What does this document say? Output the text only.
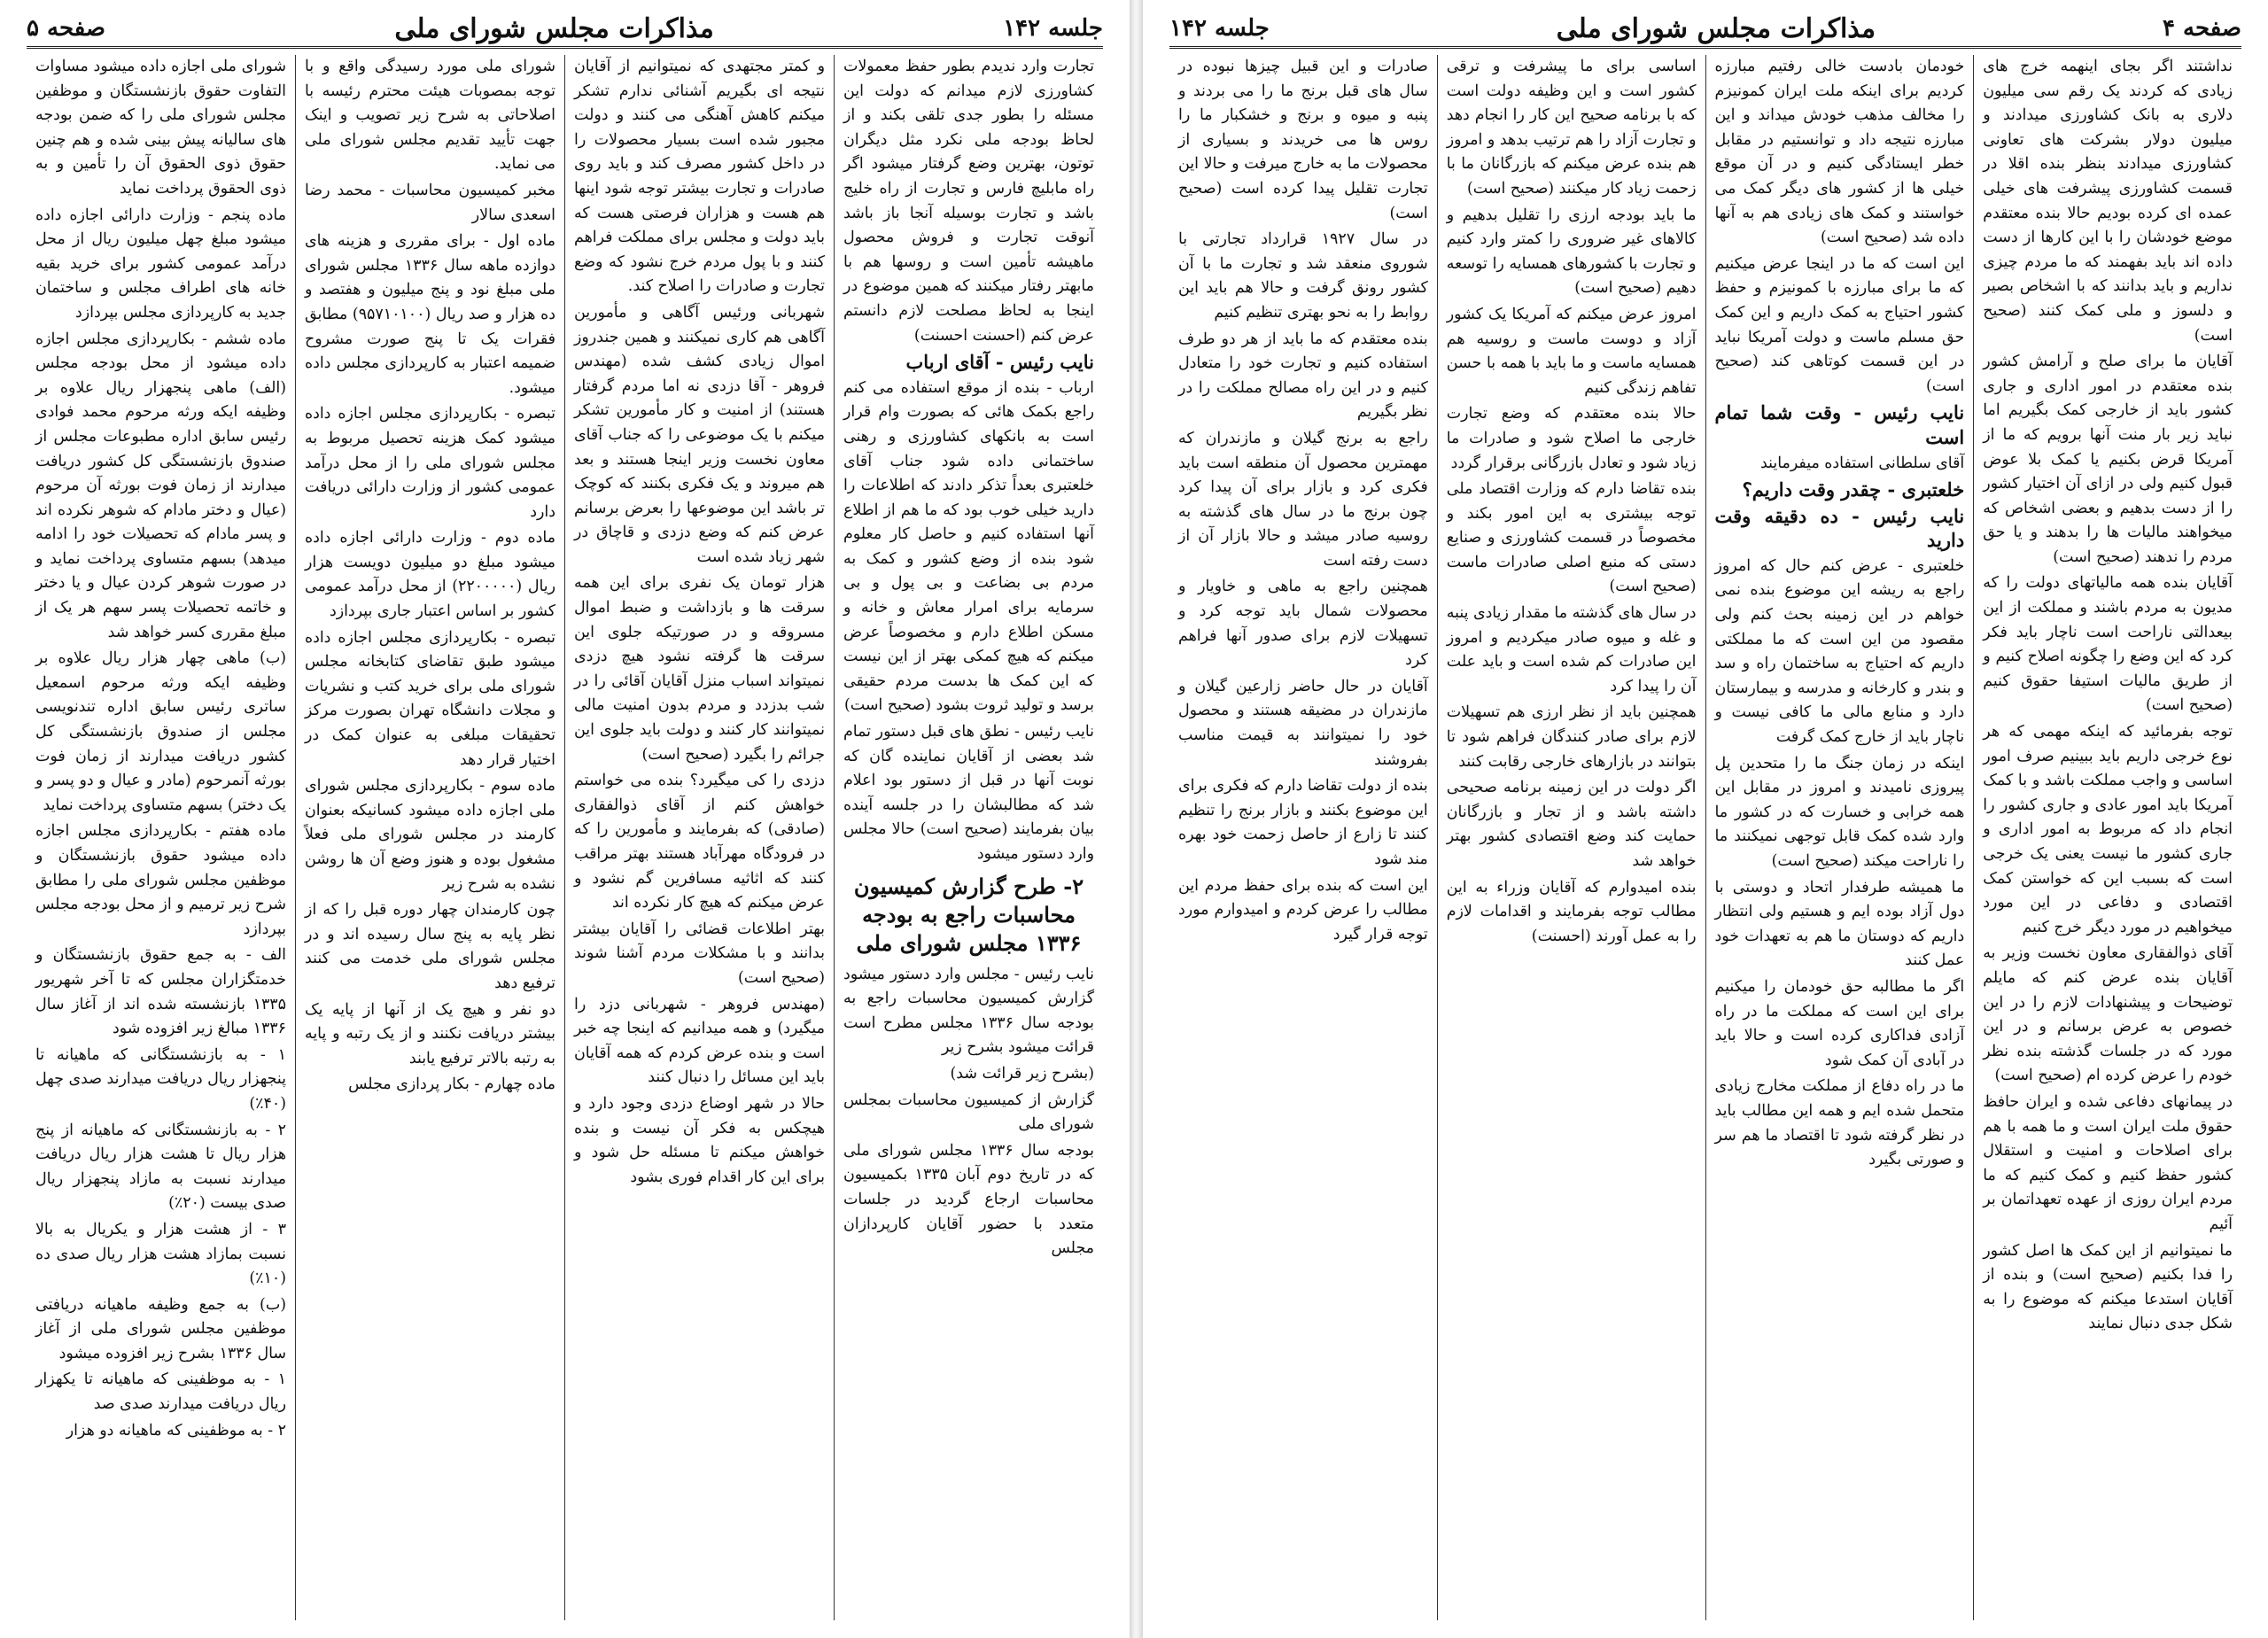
جلسه ۱۴۲
مذاکرات مجلس شورای ملی
صفحه ۵

تجارت وارد ندیدم بطور حفظ معمولات کشاورزی لازم میدانم که دولت این مسئله را بطور جدی تلقی بکند و از لحاظ بودجه ملی نکرد مثل دیگران توتون، بهترین وضع گرفتار میشود اگر راه مابلیچ فارس و تجارت از راه خلیج باشد و تجارت بوسیله آنجا باز باشد آنوقت تجارت و فروش محصول ماهیشه تأمین است و روسها هم با مابهتر رفتار میکنند که همین موضوع در اینجا به لحاظ مصلحت لازم دانستم عرض کنم (احسنت احسنت)

نایب رئیس - آقای ارباب

ارباب - بنده از موقع استفاده می کنم راجع بکمک هائی که بصورت وام قرار است به بانکهای کشاورزی و رهنی ساختمانی داده شود جناب آقای خلعتبری بعداً تذکر دادند که اطلاعات را دارید خیلی خوب بود که ما هم از اطلاع آنها استفاده کنیم و حاصل کار معلوم شود بنده از وضع کشور و کمک به مردم بی بضاعت و بی پول و بی سرمایه برای امرار معاش و خانه و مسکن اطلاع دارم و مخصوصاً عرض میکنم که هیچ کمکی بهتر از این نیست که این کمک ها بدست مردم حقیقی برسد و تولید ثروت بشود (صحیح است)

نایب رئیس - نطق های قبل دستور تمام شد بعضی از آقایان نماینده گان که نوبت آنها در قبل از دستور بود اعلام شد که مطالبشان را در جلسه آینده بیان بفرمایند (صحیح است) حالا مجلس وارد دستور میشود

۲- طرح گزارش کمیسیون محاسبات راجع به بودجه ۱۳۳۶ مجلس شورای ملی

نایب رئیس - مجلس وارد دستور میشود گزارش کمیسیون محاسبات راجع به بودجه سال ۱۳۳۶ مجلس مطرح است قرائت میشود بشرح زیر

(بشرح زیر قرائت شد)

گزارش از کمیسیون محاسبات بمجلس شورای ملی

بودجه سال ۱۳۳۶ مجلس شورای ملی که در تاریخ دوم آبان ۱۳۳۵ بکمیسیون محاسبات ارجاع گردید در جلسات متعدد با حضور آقایان کارپردازان مجلس

و کمتر مجتهدی که نمیتوانیم از آقایان نتیجه ای بگیریم آشنائی ندارم تشکر میکنم کاهش آهنگی می کنند و دولت مجبور شده است بسیار محصولات را در داخل کشور مصرف کند و باید روی صادرات و تجارت بیشتر توجه شود اینها هم هست و هزاران فرصتی هست که باید دولت و مجلس برای مملکت فراهم کنند و با پول مردم خرج نشود که وضع تجارت و صادرات را اصلاح کند.

شهربانی ورئیس آگاهی و مأمورین آگاهی هم کاری نمیکنند و همین جندروز اموال زیادی کشف شده (مهندس فروهر - آقا دزدی نه اما مردم گرفتار هستند) از امنیت و کار مأمورین تشکر میکنم با یک موضوعی را که جناب آقای معاون نخست وزیر اینجا هستند و بعد هم میروند و یک فکری بکنند که کوچک تر باشد این موضوعها را بعرض برسانم عرض کنم که وضع دزدی و قاچاق در شهر زیاد شده است

هزار تومان یک نفری برای این همه سرقت ها و بازداشت و ضبط اموال مسروقه و در صورتیکه جلوی این سرقت ها گرفته نشود هیچ دزدی نمیتواند اسباب منزل آقایان آقائی را در شب بدزدد و مردم بدون امنیت مالی نمیتوانند کار کنند و دولت باید جلوی این جرائم را بگیرد (صحیح است)

دزدی را کی میگیرد؟ بنده می خواستم خواهش کنم از آقای ذوالفقاری (صادقی) که بفرمایند و مأمورین را که در فرودگاه مهرآباد هستند بهتر مراقب کنند که اثاثیه مسافرین گم نشود و عرض میکنم که هیچ کار نکرده اند

بهتر اطلاعات قضائی را آقایان بیشتر بدانند و با مشکلات مردم آشنا شوند (صحیح است)

(مهندس فروهر - شهربانی دزد را میگیرد) و همه میدانیم که اینجا چه خبر است و بنده عرض کردم که همه آقایان باید این مسائل را دنبال کنند

حالا در شهر اوضاع دزدی وجود دارد و هیچکس به فکر آن نیست و بنده خواهش میکنم تا مسئله حل شود و برای این کار اقدام فوری بشود

شورای ملی مورد رسیدگی واقع و با توجه بمصوبات هیئت محترم رئیسه با اصلاحاتی به شرح زیر تصویب و اینک جهت تأیید تقدیم مجلس شورای ملی می نماید.

مخبر کمیسیون محاسبات - محمد رضا اسعدی سالار

ماده اول - برای مقرری و هزینه های دوازده ماهه سال ۱۳۳۶ مجلس شورای ملی مبلغ نود و پنج میلیون و هفتصد و ده هزار و صد ریال (۹۵۷۱۰۱۰۰) مطابق فقرات یک تا پنج صورت مشروح ضمیمه اعتبار به کارپردازی مجلس داده میشود.

تبصره - بکارپردازی مجلس اجازه داده میشود کمک هزینه تحصیل مربوط به مجلس شورای ملی را از محل درآمد عمومی کشور از وزارت دارائی دریافت دارد

ماده دوم - وزارت دارائی اجازه داده میشود مبلغ دو میلیون دویست هزار ریال (۲۲۰۰۰۰۰) از محل درآمد عمومی کشور بر اساس اعتبار جاری بپردازد

تبصره - بکارپردازی مجلس اجازه داده میشود طبق تقاضای کتابخانه مجلس شورای ملی برای خرید کتب و نشریات و مجلات دانشگاه تهران بصورت مرکز تحقیقات مبلغی به عنوان کمک در اختیار قرار دهد

ماده سوم - بکارپردازی مجلس شورای ملی اجازه داده میشود کسانیکه بعنوان کارمند در مجلس شورای ملی فعلاً مشغول بوده و هنوز وضع آن ها روشن نشده به شرح زیر

چون کارمندان چهار دوره قبل را که از نظر پایه به پنج سال رسیده اند و در مجلس شورای ملی خدمت می کنند ترفیع دهد

دو نفر و هیچ یک از آنها از پایه یک بیشتر دریافت نکنند و از یک رتبه و پایه به رتبه بالاتر ترفیع یابند

ماده چهارم - بکار پردازی مجلس

شورای ملی اجازه داده میشود مساوات التفاوت حقوق بازنشستگان و موظفین مجلس شورای ملی را که ضمن بودجه های سالیانه پیش بینی شده و هم چنین حقوق ذوی الحقوق آن را تأمین و به ذوی الحقوق پرداخت نماید

ماده پنجم - وزارت دارائی اجازه داده میشود مبلغ چهل میلیون ریال از محل درآمد عمومی کشور برای خرید بقیه خانه های اطراف مجلس و ساختمان جدید به کارپردازی مجلس بپردازد

ماده ششم - بکارپردازی مجلس اجازه داده میشود از محل بودجه مجلس (الف) ماهی پنجهزار ریال علاوه بر وظیفه ایکه ورثه مرحوم محمد فوادی رئیس سابق اداره مطبوعات مجلس از صندوق بازنشستگی کل کشور دریافت میدارند از زمان فوت بورثه آن مرحوم (عیال و دختر مادام که شوهر نکرده اند و پسر مادام که تحصیلات خود را ادامه میدهد) بسهم متساوی پرداخت نماید و در صورت شوهر کردن عیال و یا دختر و خاتمه تحصیلات پسر سهم هر یک از مبلغ مقرری کسر خواهد شد

(ب) ماهی چهار هزار ریال علاوه بر وظیفه ایکه ورثه مرحوم اسمعیل ساتری رئیس سابق اداره تندنویسی مجلس از صندوق بازنشستگی کل کشور دریافت میدارند از زمان فوت بورثه آنمرحوم (مادر و عیال و دو پسر و یک دختر) بسهم متساوی پرداخت نماید

ماده هفتم - بکارپردازی مجلس اجازه داده میشود حقوق بازنشستگان و موظفین مجلس شورای ملی را مطابق شرح زیر ترمیم و از محل بودجه مجلس بپردازد

الف - به جمع حقوق بازنشستگان و خدمتگزاران مجلس که تا آخر شهریور ۱۳۳۵ بازنشسته شده اند از آغاز سال ۱۳۳۶ مبالغ زیر افزوده شود

۱ - به بازنشستگانی که ماهیانه تا پنجهزار ریال دریافت میدارند صدی چهل (۴۰٪)

۲ - به بازنشستگانی که ماهیانه از پنج هزار ریال تا هشت هزار ریال دریافت میدارند نسبت به مازاد پنجهزار ریال صدی بیست (۲۰٪)

۳ - از هشت هزار و یکریال به بالا نسبت بمازاد هشت هزار ریال صدی ده (۱۰٪)

(ب) به جمع وظیفه ماهیانه دریافتی موظفین مجلس شورای ملی از آغاز سال ۱۳۳۶ بشرح زیر افزوده میشود

۱ - به موظفینی که ماهیانه تا یکهزار ریال دریافت میدارند صدی صد

۲ - به موظفینی که ماهیانه دو هزار

صفحه ۴
مذاکرات مجلس شورای ملی
جلسه ۱۴۲

نداشتند اگر بجای اینهمه خرج های زیادی که کردند یک رقم سی میلیون دلاری به بانک کشاورزی میدادند و میلیون دولار بشرکت های تعاونی کشاورزی میدادند بنظر بنده اقلا در قسمت کشاورزی پیشرفت های خیلی عمده ای کرده بودیم حالا بنده معتقدم موضع خودشان را با این کارها از دست داده اند باید بفهمند که ما مردم چیزی نداریم و باید بدانند که با اشخاص بصیر و دلسوز و ملی کمک کنند (صحیح است)

آقایان ما برای صلح و آرامش کشور بنده معتقدم در امور اداری و جاری کشور باید از خارجی کمک بگیریم اما نباید زیر بار منت آنها برویم که ما از آمریکا قرض بکنیم یا کمک بلا عوض قبول کنیم ولی در ازای آن اختیار کشور را از دست بدهیم و بعضی اشخاص که میخواهند مالیات ها را بدهند و یا حق مردم را ندهند (صحیح است)

آقایان بنده همه مالیاتهای دولت را که مدیون به مردم باشند و مملکت از این بیعدالتی ناراحت است ناچار باید فکر کرد که این وضع را چگونه اصلاح کنیم و از طریق مالیات استیفا حقوق کنیم (صحیح است)

توجه بفرمائید که اینکه مهمی که هر نوع خرجی داریم باید ببینیم صرف امور اساسی و واجب مملکت باشد و با کمک آمریکا باید امور عادی و جاری کشور را انجام داد که مربوط به امور اداری و جاری کشور ما نیست یعنی یک خرجی است که بسبب این که خواستن کمک اقتصادی و دفاعی در این مورد میخواهیم در مورد دیگر خرج کنیم

آقای ذوالفقاری معاون نخست وزیر به آقایان بنده عرض کنم که مایلم توضیحات و پیشنهادات لازم را در این خصوص به عرض برسانم و در این مورد که در جلسات گذشته بنده نظر خودم را عرض کرده ام (صحیح است)

در پیمانهای دفاعی شده و ایران حافظ حقوق ملت ایران است و ما همه با هم برای اصلاحات و امنیت و استقلال کشور حفظ کنیم و کمک کنیم که ما مردم ایران روزی از عهده تعهداتمان بر آئیم

ما نمیتوانیم از این کمک ها اصل کشور را فدا بکنیم (صحیح است) و بنده از آقایان استدعا میکنم که موضوع را به شکل جدی دنبال نمایند

خودمان بادست خالی رفتیم مبارزه کردیم برای اینکه ملت ایران کمونیزم را مخالف مذهب خودش میداند و این مبارزه نتیجه داد و توانستیم در مقابل خطر ایستادگی کنیم و در آن موقع خیلی ها از کشور های دیگر کمک می خواستند و کمک های زیادی هم به آنها داده شد (صحیح است)

این است که ما در اینجا عرض میکنیم که ما برای مبارزه با کمونیزم و حفظ کشور احتیاج به کمک داریم و این کمک حق مسلم ماست و دولت آمریکا نباید در این قسمت کوتاهی کند (صحیح است)

نایب رئیس - وقت شما تمام است

آقای سلطانی استفاده میفرمایند

خلعتبری - چقدر وقت داریم؟

نایب رئیس - ده دقیقه وقت دارید

خلعتبری - عرض کنم حال که امروز راجع به ریشه این موضوع بنده نمی خواهم در این زمینه بحث کنم ولی مقصود من این است که ما مملکتی داریم که احتیاج به ساختمان راه و سد و بندر و کارخانه و مدرسه و بیمارستان دارد و منابع مالی ما کافی نیست و ناچار باید از خارج کمک گرفت

اینکه در زمان جنگ ما را متحدین پل پیروزی نامیدند و امروز در مقابل این همه خرابی و خسارت که در کشور ما وارد شده کمک قابل توجهی نمیکنند ما را ناراحت میکند (صحیح است)

ما همیشه طرفدار اتحاد و دوستی با دول آزاد بوده ایم و هستیم ولی انتظار داریم که دوستان ما هم به تعهدات خود عمل کنند

اگر ما مطالبه حق خودمان را میکنیم برای این است که مملکت ما در راه آزادی فداکاری کرده است و حالا باید در آبادی آن کمک شود

ما در راه دفاع از مملکت مخارج زیادی متحمل شده ایم و همه این مطالب باید در نظر گرفته شود تا اقتصاد ما هم سر و صورتی بگیرد

اساسی برای ما پیشرفت و ترقی کشور است و این وظیفه دولت است که با برنامه صحیح این کار را انجام دهد و تجارت آزاد را هم ترتیب بدهد و امروز هم بنده عرض میکنم که بازرگانان ما با زحمت زیاد کار میکنند (صحیح است)

ما باید بودجه ارزی را تقلیل بدهیم و کالاهای غیر ضروری را کمتر وارد کنیم و تجارت با کشورهای همسایه را توسعه دهیم (صحیح است)

امروز عرض میکنم که آمریکا یک کشور آزاد و دوست ماست و روسیه هم همسایه ماست و ما باید با همه با حسن تفاهم زندگی کنیم

حالا بنده معتقدم که وضع تجارت خارجی ما اصلاح شود و صادرات ما زیاد شود و تعادل بازرگانی برقرار گردد

بنده تقاضا دارم که وزارت اقتصاد ملی توجه بیشتری به این امور بکند و مخصوصاً در قسمت کشاورزی و صنایع دستی که منبع اصلی صادرات ماست (صحیح است)

در سال های گذشته ما مقدار زیادی پنبه و غله و میوه صادر میکردیم و امروز این صادرات کم شده است و باید علت آن را پیدا کرد

همچنین باید از نظر ارزی هم تسهیلات لازم برای صادر کنندگان فراهم شود تا بتوانند در بازارهای خارجی رقابت کنند

اگر دولت در این زمینه برنامه صحیحی داشته باشد و از تجار و بازرگانان حمایت کند وضع اقتصادی کشور بهتر خواهد شد

بنده امیدوارم که آقایان وزراء به این مطالب توجه بفرمایند و اقدامات لازم را به عمل آورند (احسنت)

صادرات و این قبیل چیزها نبوده در سال های قبل برنج ما را می بردند و پنبه و میوه و برنج و خشکبار ما را روس ها می خریدند و بسیاری از محصولات ما به خارج میرفت و حالا این تجارت تقلیل پیدا کرده است (صحیح است)

در سال ۱۹۲۷ قرارداد تجارتی با شوروی منعقد شد و تجارت ما با آن کشور رونق گرفت و حالا هم باید این روابط را به نحو بهتری تنظیم کنیم

بنده معتقدم که ما باید از هر دو طرف استفاده کنیم و تجارت خود را متعادل کنیم و در این راه مصالح مملکت را در نظر بگیریم

راجع به برنج گیلان و مازندران که مهمترین محصول آن منطقه است باید فکری کرد و بازار برای آن پیدا کرد چون برنج ما در سال های گذشته به روسیه صادر میشد و حالا بازار آن از دست رفته است

همچنین راجع به ماهی و خاویار و محصولات شمال باید توجه کرد و تسهیلات لازم برای صدور آنها فراهم کرد

آقایان در حال حاضر زارعین گیلان و مازندران در مضیقه هستند و محصول خود را نمیتوانند به قیمت مناسب بفروشند

بنده از دولت تقاضا دارم که فکری برای این موضوع بکنند و بازار برنج را تنظیم کنند تا زارع از حاصل زحمت خود بهره مند شود

این است که بنده برای حفظ مردم این مطالب را عرض کردم و امیدوارم مورد توجه قرار گیرد
